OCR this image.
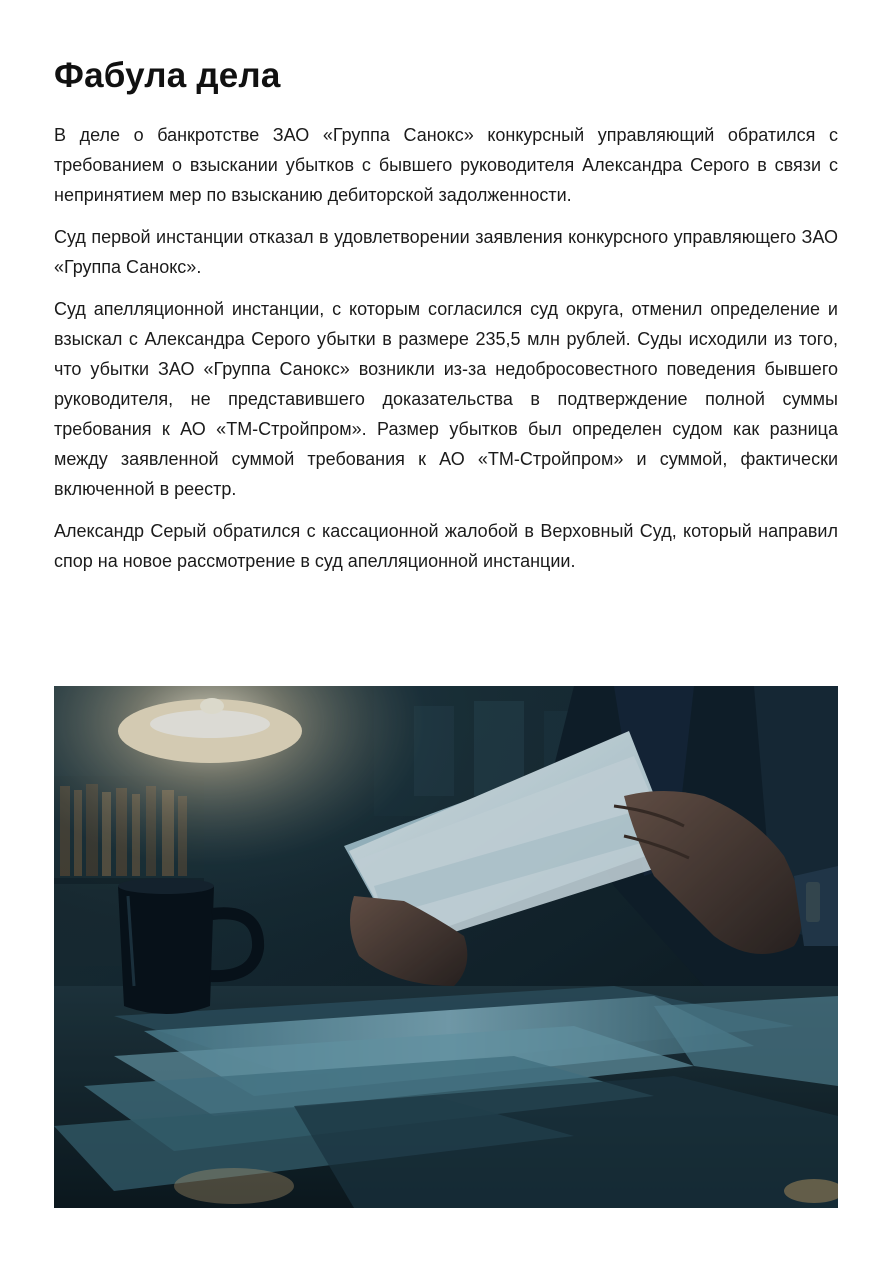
Фабула дела

В деле о банкротстве ЗАО «Группа Санокс» конкурсный управляющий обратился с требованием о взыскании убытков с бывшего руководителя Александра Серого в связи с непринятием мер по взысканию дебиторской задолженности.

Суд первой инстанции отказал в удовлетворении заявления конкурсного управляющего ЗАО «Группа Санокс».

Суд апелляционной инстанции, с которым согласился суд округа, отменил определение и взыскал с Александра Серого убытки в размере 235,5 млн рублей. Суды исходили из того, что убытки ЗАО «Группа Санокс» возникли из-за недобросовестного поведения бывшего руководителя, не представившего доказательства в подтверждение полной суммы требования к АО «ТМ-Стройпром». Размер убытков был определен судом как разница между заявленной суммой требования к АО «ТМ-Стройпром» и суммой, фактически включенной в реестр.

Александр Серый обратился с кассационной жалобой в Верховный Суд, который направил спор на новое рассмотрение в суд апелляционной инстанции.
